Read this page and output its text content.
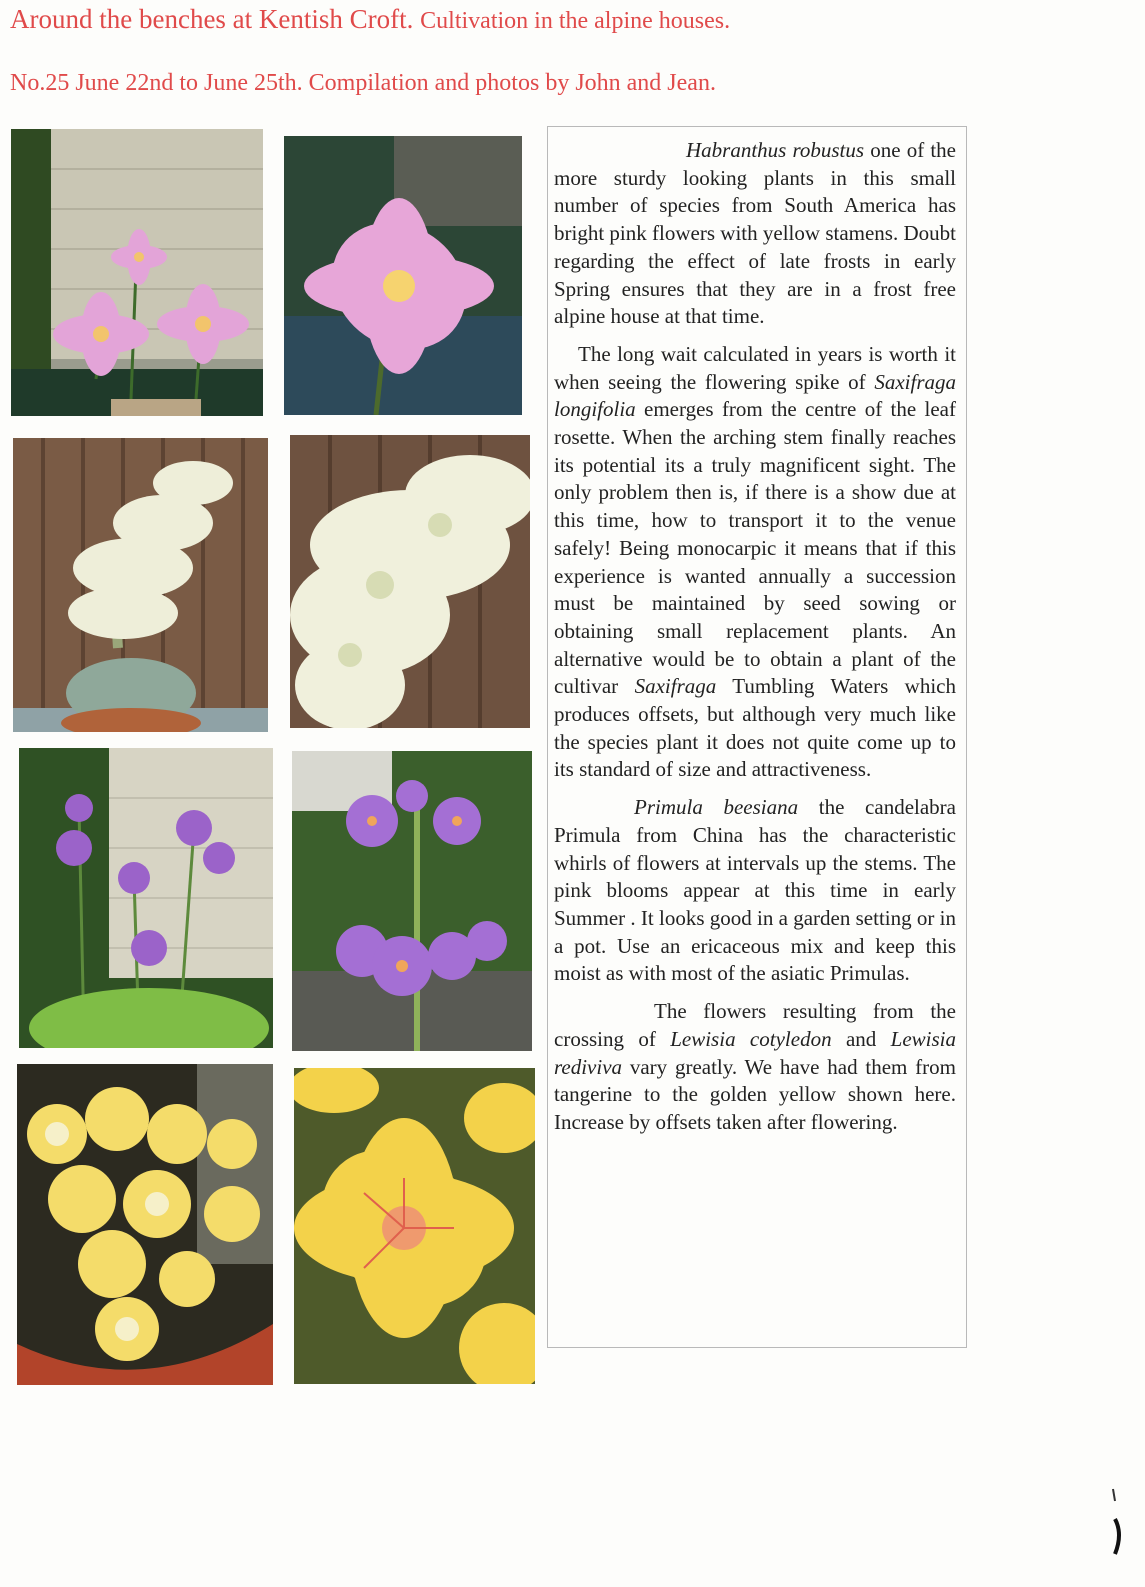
Around the benches at Kentish Croft. Cultivation in the alpine houses.
No.25 June 22nd to June 25th. Compilation and photos by John and Jean.

Habranthus robustus one of the more sturdy looking plants in this small number of species from South America has bright pink flowers with yellow stamens. Doubt regarding the effect of late frosts in early Spring ensures that they are in a frost free alpine house at that time.

The long wait calculated in years is worth it when seeing the flowering spike of Saxifraga longifolia emerges from the centre of the leaf rosette. When the arching stem finally reaches its potential its a truly magnificent sight. The only problem then is, if there is a show due at this time, how to transport it to the venue safely! Being monocarpic it means that if this experience is wanted annually a succession must be maintained by seed sowing or obtaining small replacement plants. An alternative would be to obtain a plant of the cultivar Saxifraga Tumbling Waters which produces offsets, but although very much like the species plant it does not quite come up to its standard of size and attractiveness.

Primula beesiana the candelabra Primula from China has the characteristic whirls of flowers at intervals up the stems. The pink blooms appear at this time in early Summer . It looks good in a garden setting or in a pot. Use an ericaceous mix and keep this moist as with most of the asiatic Primulas.

The flowers resulting from the crossing of Lewisia cotyledon and Lewisia rediviva vary greatly. We have had them from tangerine to the golden yellow shown here. Increase by offsets taken after flowering.
